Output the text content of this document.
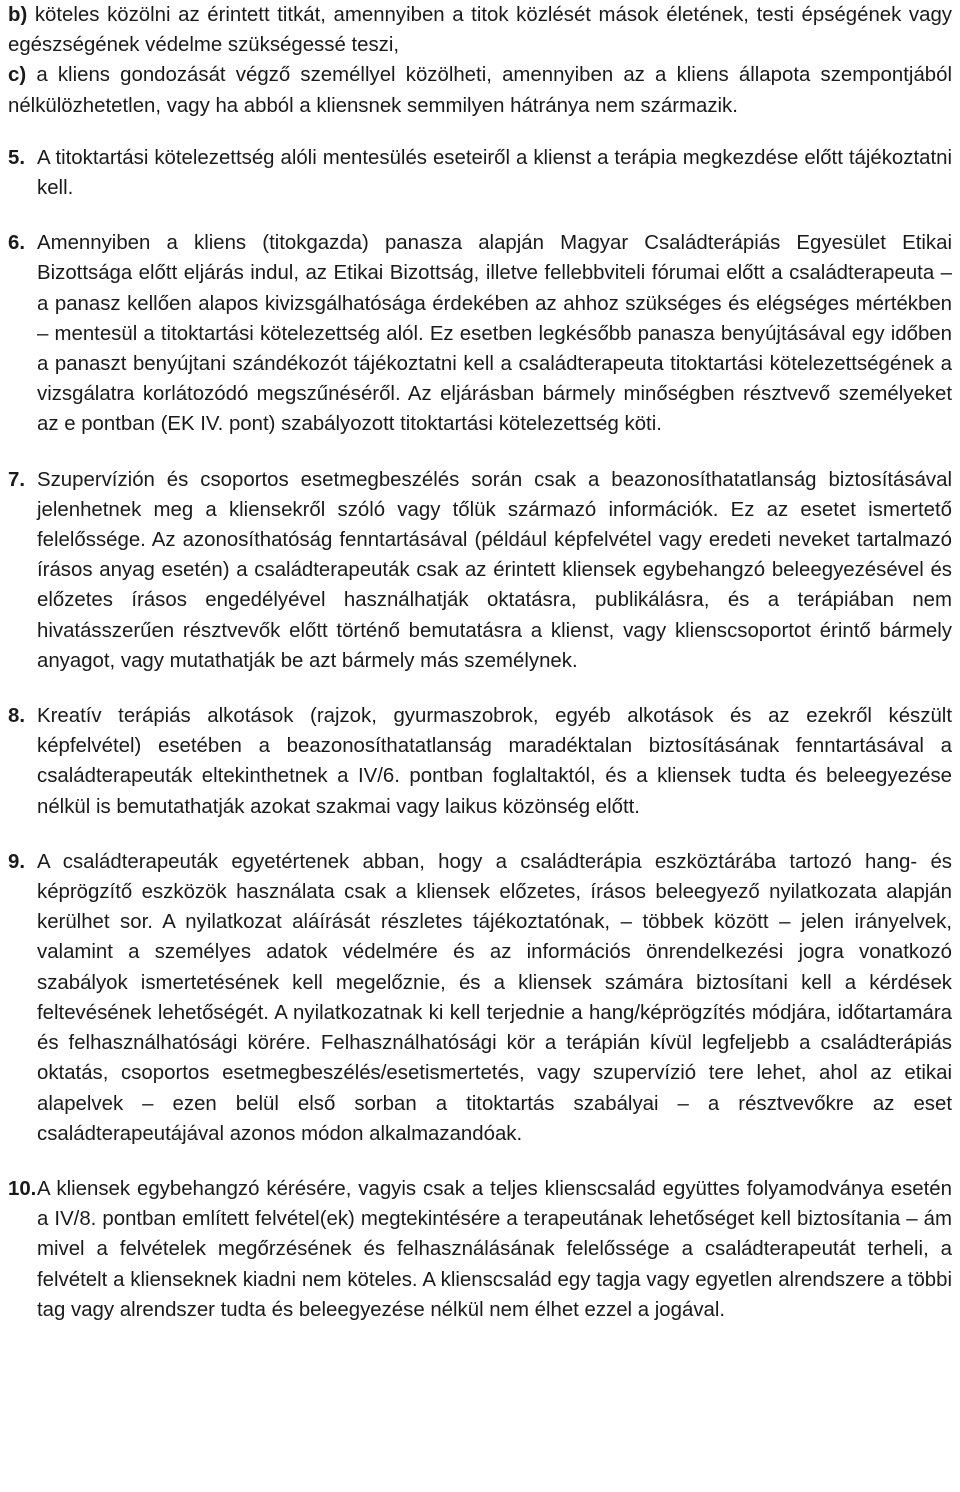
b) köteles közölni az érintett titkát, amennyiben a titok közlését mások életének, testi épségének vagy egészségének védelme szükségessé teszi,

c) a kliens gondozását végző személlyel közölheti, amennyiben az a kliens állapota szempontjából nélkülözhetetlen, vagy ha abból a kliensnek semmilyen hátránya nem származik.

5. A titoktartási kötelezettség alóli mentesülés eseteiről a klienst a terápia megkezdése előtt tájékoztatni kell.

6. Amennyiben a kliens (titokgazda) panasza alapján Magyar Családterápiás Egyesület Etikai Bizottsága előtt eljárás indul, az Etikai Bizottság, illetve fellebbviteli fórumai előtt a családterapeuta – a panasz kellően alapos kivizsgálhatósága érdekében az ahhoz szükséges és elégséges mértékben – mentesül a titoktartási kötelezettség alól. Ez esetben legkésőbb panasza benyújtásával egy időben a panaszt benyújtani szándékozót tájékoztatni kell a családterapeuta titoktartási kötelezettségének a vizsgálatra korlátozódó megszűnéséről. Az eljárásban bármely minőségben résztvevő személyeket az e pontban (EK IV. pont) szabályozott titoktartási kötelezettség köti.

7. Szupervízión és csoportos esetmegbeszélés során csak a beazonosíthatatlanság biztosításával jelenhetnek meg a kliensekről szóló vagy tőlük származó információk. Ez az esetet ismertető felelőssége. Az azonosíthatóság fenntartásával (például képfelvétel vagy eredeti neveket tartalmazó írásos anyag esetén) a családterapeuták csak az érintett kliensek egybehangzó beleegyezésével és előzetes írásos engedélyével használhatják oktatásra, publikálásra, és a terápiában nem hivatásszerűen résztvevők előtt történő bemutatásra a klienst, vagy klienscsoportot érintő bármely anyagot, vagy mutathatják be azt bármely más személynek.

8. Kreatív terápiás alkotások (rajzok, gyurmaszobrok, egyéb alkotások és az ezekről készült képfelvétel) esetében a beazonosíthatatlanság maradéktalan biztosításának fenntartásával a családterapeuták eltekinthetnek a IV/6. pontban foglaltaktól, és a kliensek tudta és beleegyezése nélkül is bemutathatják azokat szakmai vagy laikus közönség előtt.

9. A családterapeuták egyetértenek abban, hogy a családterápia eszköztárába tartozó hang- és képrögzítő eszközök használata csak a kliensek előzetes, írásos beleegyező nyilatkozata alapján kerülhet sor. A nyilatkozat aláírását részletes tájékoztatónak, – többek között – jelen irányelvek, valamint a személyes adatok védelmére és az információs önrendelkezési jogra vonatkozó szabályok ismertetésének kell megelőznie, és a kliensek számára biztosítani kell a kérdések feltevésének lehetőségét. A nyilatkozatnak ki kell terjednie a hang/képrögzítés módjára, időtartamára és felhasználhatósági körére. Felhasználhatósági kör a terápián kívül legfeljebb a családterápiás oktatás, csoportos esetmegbeszélés/esetismertetés, vagy szupervízió tere lehet, ahol az etikai alapelvek – ezen belül első sorban a titoktartás szabályai – a résztvevőkre az eset családterapeutájával azonos módon alkalmazandóak.

10. A kliensek egybehangzó kérésére, vagyis csak a teljes klienscsalád együttes folyamodványa esetén a IV/8. pontban említett felvétel(ek) megtekintésére a terapeutának lehetőséget kell biztosítania – ám mivel a felvételek megőrzésének és felhasználásának felelőssége a családterapeutát terheli, a felvételt a klienseknek kiadni nem köteles. A klienscsalád egy tagja vagy egyetlen alrendszere a többi tag vagy alrendszer tudta és beleegyezése nélkül nem élhet ezzel a jogával.
